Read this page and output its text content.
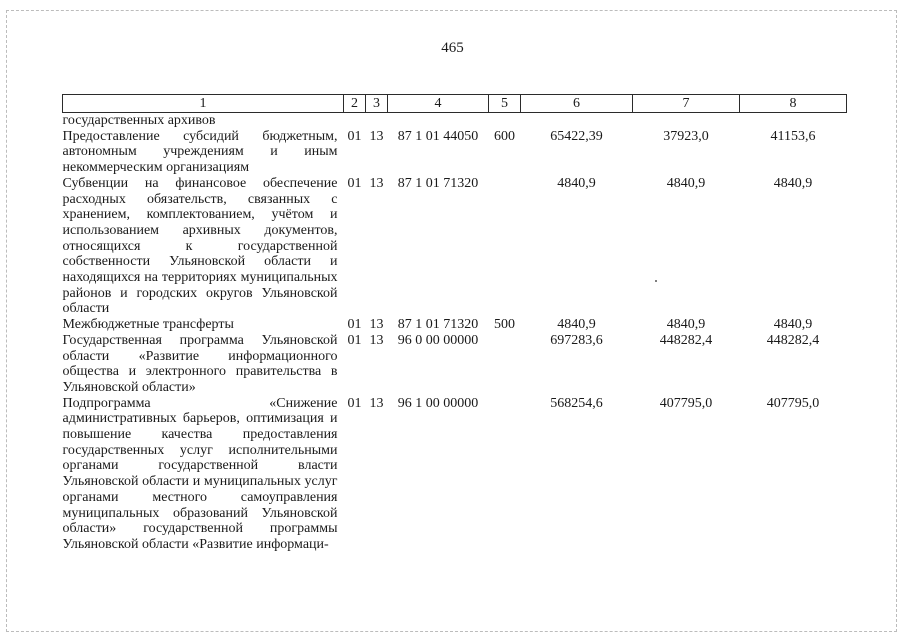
465
1	2	3	4	5	6	7	8
государственных архивов							
Предоставление субсидий бюджетным, автономным учреждениям и иным некоммерческим организациям	01	13	87 1 01 44050	600	65422,39	37923,0	41153,6
Субвенции на финансовое обеспечение расходных обязательств, связанных с хранением, комплектованием, учётом и использованием архивных документов, относящихся к государственной собственности Ульяновской области и находящихся на территориях муниципальных районов и городских округов Ульяновской области	01	13	87 1 01 71320		4840,9	4840,9	4840,9
Межбюджетные трансферты	01	13	87 1 01 71320	500	4840,9	4840,9	4840,9
Государственная программа Ульяновской области «Развитие информационного общества и электронного правительства в Ульяновской области»	01	13	96 0 00 00000		697283,6	448282,4	448282,4
Подпрограмма «Снижение административных барьеров, оптимизация и повышение качества предоставления государственных услуг исполнительными органами государственной власти Ульяновской области и муниципальных услуг органами местного самоуправления муниципальных образований Ульяновской области» государственной программы Ульяновской области «Развитие информаци-	01	13	96 1 00 00000		568254,6	407795,0	407795,0
